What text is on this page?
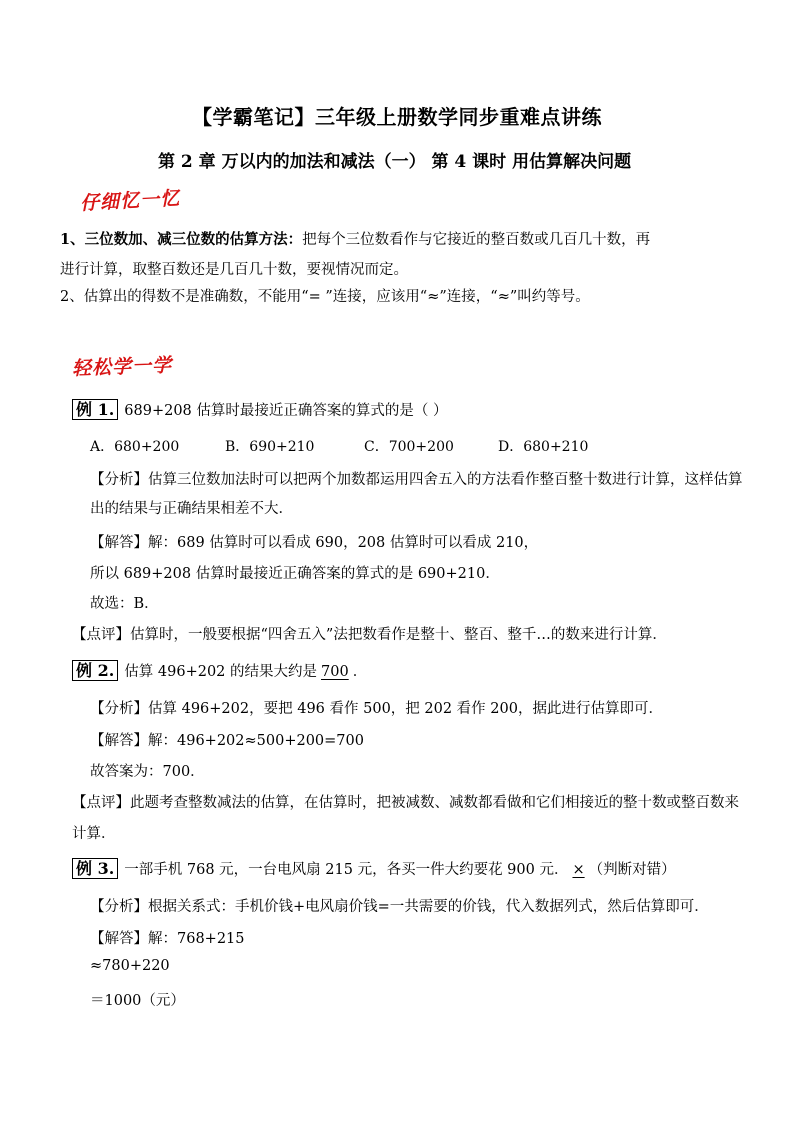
【学霸笔记】三年级上册数学同步重难点讲练
第 2 章 万以内的加法和减法（一） 第 4 课时 用估算解决问题
仔细忆一忆
1、三位数加、减三位数的估算方法：把每个三位数看作与它接近的整百数或几百几十数，再
进行计算，取整百数还是几百几十数，要视情况而定。
2、估算出的得数不是准确数，不能用“= ”连接，应该用“≈”连接，“≈”叫约等号。
轻松学一学
例 1. 689+208 估算时最接近正确答案的算式的是（ ）
A．680+200	B．690+210	C．700+200	D．680+210
【分析】估算三位数加法时可以把两个加数都运用四舍五入的方法看作整百整十数进行计算，这样估算
出的结果与正确结果相差不大．
【解答】解：689 估算时可以看成 690，208 估算时可以看成 210，
所以 689+208 估算时最接近正确答案的算式的是 690+210．
故选：B．
【点评】估算时，一般要根据“四舍五入”法把数看作是整十、整百、整千…的数来进行计算．
例 2. 估算 496+202 的结果大约是700．
【分析】估算 496+202，要把 496 看作 500，把 202 看作 200，据此进行估算即可．
【解答】解：496+202≈500+200=700
故答案为：700．
【点评】此题考查整数减法的估算，在估算时，把被减数、减数都看做和它们相接近的整十数或整百数来
计算．
例 3. 一部手机 768 元，一台电风扇 215 元，各买一件大约要花 900 元．×（判断对错）
【分析】根据关系式：手机价钱+电风扇价钱=一共需要的价钱，代入数据列式，然后估算即可．
【解答】解：768+215
≈780+220
＝1000（元）
